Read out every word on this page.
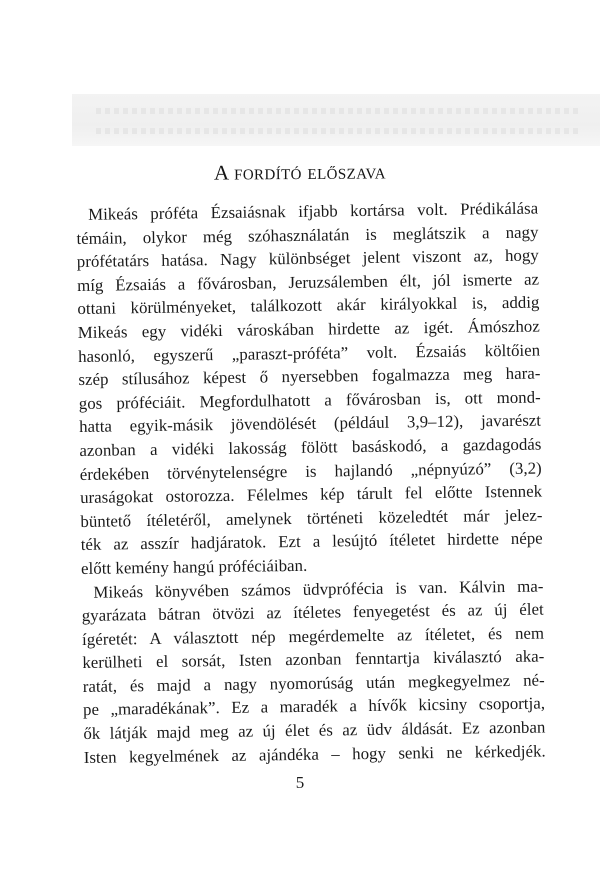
A fordító előszava
Mikeás próféta Ézsaiásnak ifjabb kortársa volt. Prédikálása
témáin, olykor még szóhasználatán is meglátszik a nagy
prófétatárs hatása. Nagy különbséget jelent viszont az, hogy
míg Ézsaiás a fővárosban, Jeruzsálemben élt, jól ismerte az
ottani körülményeket, találkozott akár királyokkal is, addig
Mikeás egy vidéki városkában hirdette az igét. Ámószhoz
hasonló, egyszerű „paraszt-próféta” volt. Ézsaiás költőien
szép stílusához képest ő nyersebben fogalmazza meg hara-
gos próféciáit. Megfordulhatott a fővárosban is, ott mond-
hatta egyik-másik jövendölését (például 3,9–12), javarészt
azonban a vidéki lakosság fölött basáskodó, a gazdagodás
érdekében törvénytelenségre is hajlandó „népnyúzó” (3,2)
uraságokat ostorozza. Félelmes kép tárult fel előtte Istennek
büntető ítéletéről, amelynek történeti közeledtét már jelez-
ték az asszír hadjáratok. Ezt a lesújtó ítéletet hirdette népe
előtt kemény hangú próféciáiban.
Mikeás könyvében számos üdvprófécia is van. Kálvin ma-
gyarázata bátran ötvözi az ítéletes fenyegetést és az új élet
ígéretét: A választott nép megérdemelte az ítéletet, és nem
kerülheti el sorsát, Isten azonban fenntartja kiválasztó aka-
ratát, és majd a nagy nyomorúság után megkegyelmez né-
pe „maradékának”. Ez a maradék a hívők kicsiny csoportja,
ők látják majd meg az új élet és az üdv áldását. Ez azonban
Isten kegyelmének az ajándéka – hogy senki ne kérkedjék.
5
